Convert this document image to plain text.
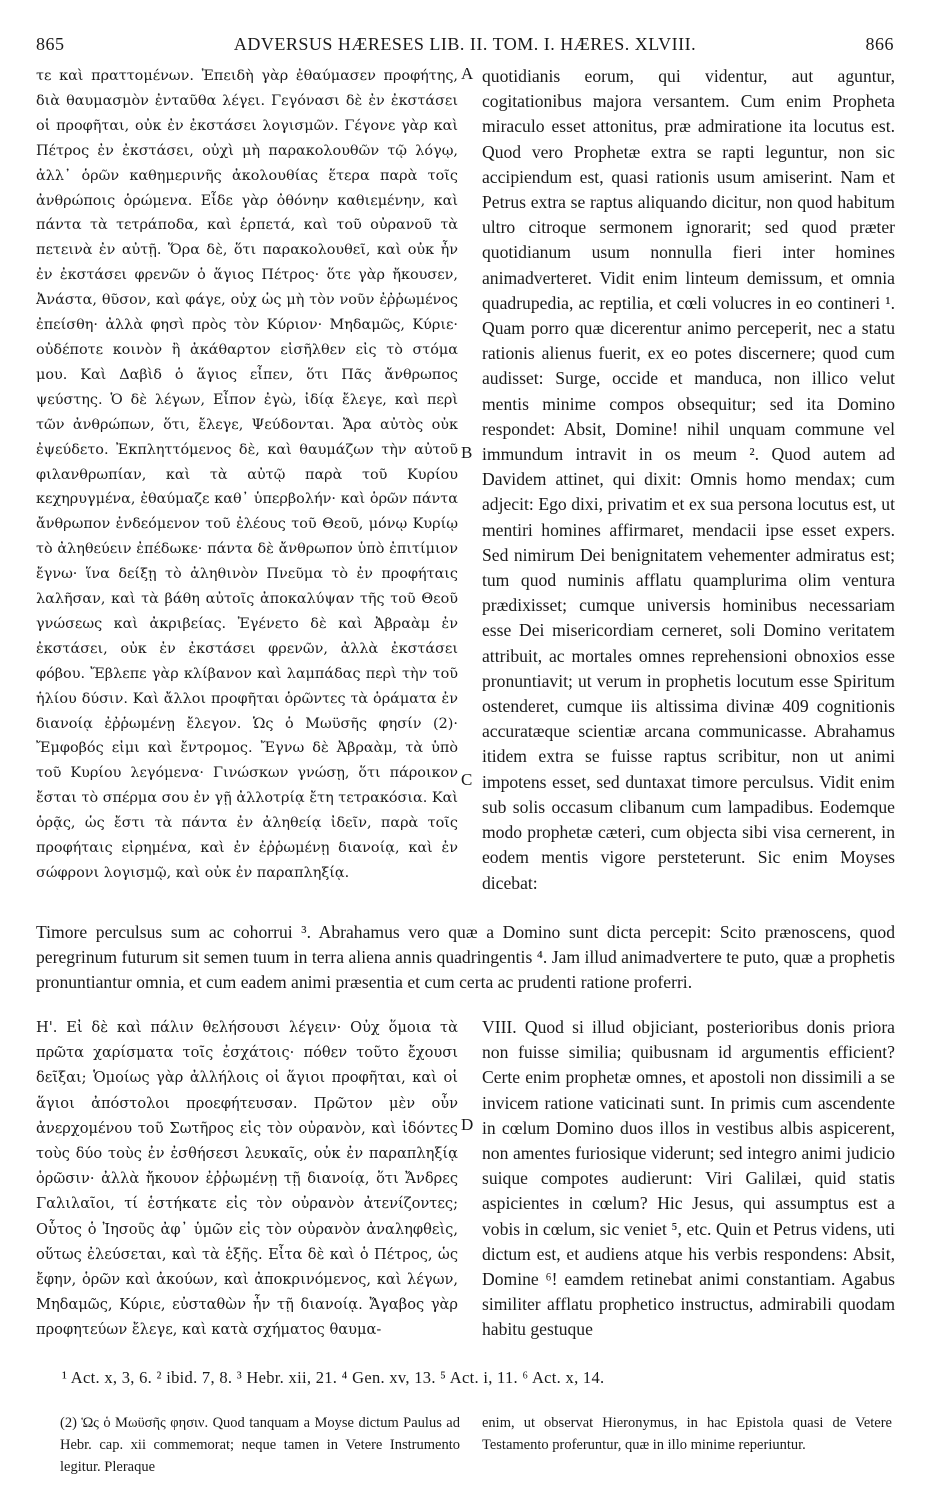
865	ADVERSUS HÆRESES LIB. II. TOM. I. HÆRES. XLVIII.	866
A
B
C
D

τε καὶ πραττομένων. Ἐπειδὴ γὰρ ἐθαύμασεν προφήτης, διὰ θαυμασμὸν ἐνταῦθα λέγει. Γεγόνασι δὲ ἐν ἐκστάσει οἱ προφῆται, οὐκ ἐν ἐκστάσει λογισμῶν. Γέγονε γὰρ καὶ Πέτρος ἐν ἐκστάσει, οὐχὶ μὴ παρακολουθῶν τῷ λόγῳ, ἀλλ᾽ ὁρῶν καθημερινῆς ἀκολουθίας ἕτερα παρὰ τοῖς ἀνθρώποις ὁρώμενα. Εἶδε γὰρ ὀθόνην καθιεμένην, καὶ πάντα τὰ τετράποδα, καὶ ἑρπετά, καὶ τοῦ οὐρανοῦ τὰ πετεινὰ ἐν αὐτῇ. Ὅρα δὲ, ὅτι παρακολουθεῖ, καὶ οὐκ ἦν ἐν ἐκστάσει φρενῶν ὁ ἅγιος Πέτρος· ὅτε γὰρ ἤκουσεν, Ἀνάστα, θῦσον, καὶ φάγε, οὐχ ὡς μὴ τὸν νοῦν ἐῤῥωμένος ἐπείσθη· ἀλλὰ φησὶ πρὸς τὸν Κύριον· Μηδαμῶς, Κύριε· οὐδέποτε κοινὸν ἢ ἀκάθαρτον εἰσῆλθεν εἰς τὸ στόμα μου. Καὶ Δαβὶδ ὁ ἅγιος εἶπεν, ὅτι Πᾶς ἄνθρωπος ψεύστης. Ὁ δὲ λέγων, Εἶπον ἐγὼ, ἰδίᾳ ἔλεγε, καὶ περὶ τῶν ἀνθρώπων, ὅτι, ἔλεγε, Ψεύδονται. Ἄρα αὐτὸς οὐκ ἐψεύδετο. Ἐκπληττόμενος δὲ, καὶ θαυμάζων τὴν αὐτοῦ φιλανθρωπίαν, καὶ τὰ αὐτῷ παρὰ τοῦ Κυρίου κεχηρυγμένα, ἐθαύμαζε καθ᾽ ὑπερβολήν· καὶ ὁρῶν πάντα ἄνθρωπον ἐνδεόμενον τοῦ ἐλέους τοῦ Θεοῦ, μόνῳ Κυρίῳ τὸ ἀληθεύειν ἐπέδωκε· πάντα δὲ ἄνθρωπον ὑπὸ ἐπιτίμιον ἔγνω· ἵνα δείξῃ τὸ ἀληθινὸν Πνεῦμα τὸ ἐν προφήταις λαλῆσαν, καὶ τὰ βάθη αὐτοῖς ἀποκαλύψαν τῆς τοῦ Θεοῦ γνώσεως καὶ ἀκριβείας. Ἐγένετο δὲ καὶ Ἀβραὰμ ἐν ἐκστάσει, οὐκ ἐν ἐκστάσει φρενῶν, ἀλλὰ ἐκστάσει φόβου. Ἔβλεπε γὰρ κλίβανον καὶ λαμπάδας περὶ τὴν τοῦ ἡλίου δύσιν. Καὶ ἄλλοι προφῆται ὁρῶντες τὰ ὁράματα ἐν διανοίᾳ ἐῤῥωμένῃ ἔλεγον. Ὡς ὁ Μωϋσῆς φησίν (2)· Ἔμφοβός εἰμι καὶ ἔντρομος. Ἔγνω δὲ Ἀβραὰμ, τὰ ὑπὸ τοῦ Κυρίου λεγόμενα· Γινώσκων γνώσῃ, ὅτι πάροικον ἔσται τὸ σπέρμα σου ἐν γῇ ἀλλοτρίᾳ ἔτη τετρακόσια. Καὶ ὁρᾷς, ὡς ἔστι τὰ πάντα ἐν ἀληθείᾳ ἰδεῖν, παρὰ τοῖς προφήταις εἰρημένα, καὶ ἐν ἐῤῥωμένῃ διανοίᾳ, καὶ ἐν σώφρονι λογισμῷ, καὶ οὐκ ἐν παραπληξίᾳ.

quotidianis eorum, qui videntur, aut aguntur, cogitationibus majora versantem. Cum enim Propheta miraculo esset attonitus, præ admiratione ita locutus est. Quod vero Prophetæ extra se rapti leguntur, non sic accipiendum est, quasi rationis usum amiserint. Nam et Petrus extra se raptus aliquando dicitur, non quod habitum ultro citroque sermonem ignorarit; sed quod præter quotidianum usum nonnulla fieri inter homines animadverteret. Vidit enim linteum demissum, et omnia quadrupedia, ac reptilia, et cœli volucres in eo contineri ¹. Quam porro quæ dicerentur animo perceperit, nec a statu rationis alienus fuerit, ex eo potes discernere; quod cum audisset: Surge, occide et manduca, non illico velut mentis minime compos obsequitur; sed ita Domino respondet: Absit, Domine! nihil unquam commune vel immundum intravit in os meum ². Quod autem ad Davidem attinet, qui dixit: Omnis homo mendax; cum adjecit: Ego dixi, privatim et ex sua persona locutus est, ut mentiri homines affirmaret, mendacii ipse esset expers. Sed nimirum Dei benignitatem vehementer admiratus est; tum quod numinis afflatu quamplurima olim ventura prædixisset; cumque universis hominibus necessariam esse Dei misericordiam cerneret, soli Domino veritatem attribuit, ac mortales omnes reprehensioni obnoxios esse pronuntiavit; ut verum in prophetis locutum esse Spiritum ostenderet, cumque iis altissima divinæ 409 cognitionis accuratæque scientiæ arcana communicasse. Abrahamus itidem extra se fuisse raptus scribitur, non ut animi impotens esset, sed duntaxat timore perculsus. Vidit enim sub solis occasum clibanum cum lampadibus. Eodemque modo prophetæ cæteri, cum objecta sibi visa cernerent, in eodem mentis vigore persteterunt. Sic enim Moyses dicebat:

Timore perculsus sum ac cohorrui ³. Abrahamus vero quæ a Domino sunt dicta percepit: Scito prænoscens, quod peregrinum futurum sit semen tuum in terra aliena annis quadringentis ⁴. Jam illud animadvertere te puto, quæ a prophetis pronuntiantur omnia, et cum eadem animi præsentia et cum certa ac prudenti ratione proferri.

Η'. Εἰ δὲ καὶ πάλιν θελήσουσι λέγειν· Οὐχ ὅμοια τὰ πρῶτα χαρίσματα τοῖς ἐσχάτοις· πόθεν τοῦτο ἔχουσι δεῖξαι; Ὁμοίως γὰρ ἀλλήλοις οἱ ἅγιοι προφῆται, καὶ οἱ ἅγιοι ἀπόστολοι προεφήτευσαν. Πρῶτον μὲν οὖν ἀνερχομένου τοῦ Σωτῆρος εἰς τὸν οὐρανὸν, καὶ ἰδόντες τοὺς δύο τοὺς ἐν ἐσθήσεσι λευκαῖς, οὐκ ἐν παραπληξίᾳ ὁρῶσιν· ἀλλὰ ἤκουον ἐῤῥωμένῃ τῇ διανοίᾳ, ὅτι Ἄνδρες Γαλιλαῖοι, τί ἑστήκατε εἰς τὸν οὐρανὸν ἀτενίζοντες; Οὗτος ὁ Ἰησοῦς ἀφ᾽ ὑμῶν εἰς τὸν οὐρανὸν ἀναληφθεὶς, οὕτως ἐλεύσεται, καὶ τὰ ἑξῆς. Εἶτα δὲ καὶ ὁ Πέτρος, ὡς ἔφην, ὁρῶν καὶ ἀκούων, καὶ ἀποκρινόμενος, καὶ λέγων, Μηδαμῶς, Κύριε, εὐσταθὼν ἦν τῇ διανοίᾳ. Ἄγαβος γὰρ προφητεύων ἔλεγε, καὶ κατὰ σχήματος θαυμα-

VIII. Quod si illud objiciant, posterioribus donis priora non fuisse similia; quibusnam id argumentis efficient? Certe enim prophetæ omnes, et apostoli non dissimili a se invicem ratione vaticinati sunt. In primis cum ascendente in cœlum Domino duos illos in vestibus albis aspicerent, non amentes furiosique viderunt; sed integro animi judicio suique compotes audierunt: Viri Galilæi, quid statis aspicientes in cœlum? Hic Jesus, qui assumptus est a vobis in cœlum, sic veniet ⁵, etc. Quin et Petrus videns, uti dictum est, et audiens atque his verbis respondens: Absit, Domine ⁶! eamdem retinebat animi constantiam. Agabus similiter afflatu prophetico instructus, admirabili quodam habitu gestuque

¹ Act. x, 3, 6. ² ibid. 7, 8. ³ Hebr. xii, 21. ⁴ Gen. xv, 13. ⁵ Act. i, 11. ⁶ Act. x, 14.
(2) Ὡς ὁ Μωϋσῆς φησιν. Quod tanquam a Moyse dictum Paulus ad Hebr. cap. xii commemorat; neque tamen in Vetere Instrumento legitur. Pleraque
enim, ut observat Hieronymus, in hac Epistola quasi de Vetere Testamento proferuntur, quæ in illo minime reperiuntur.
